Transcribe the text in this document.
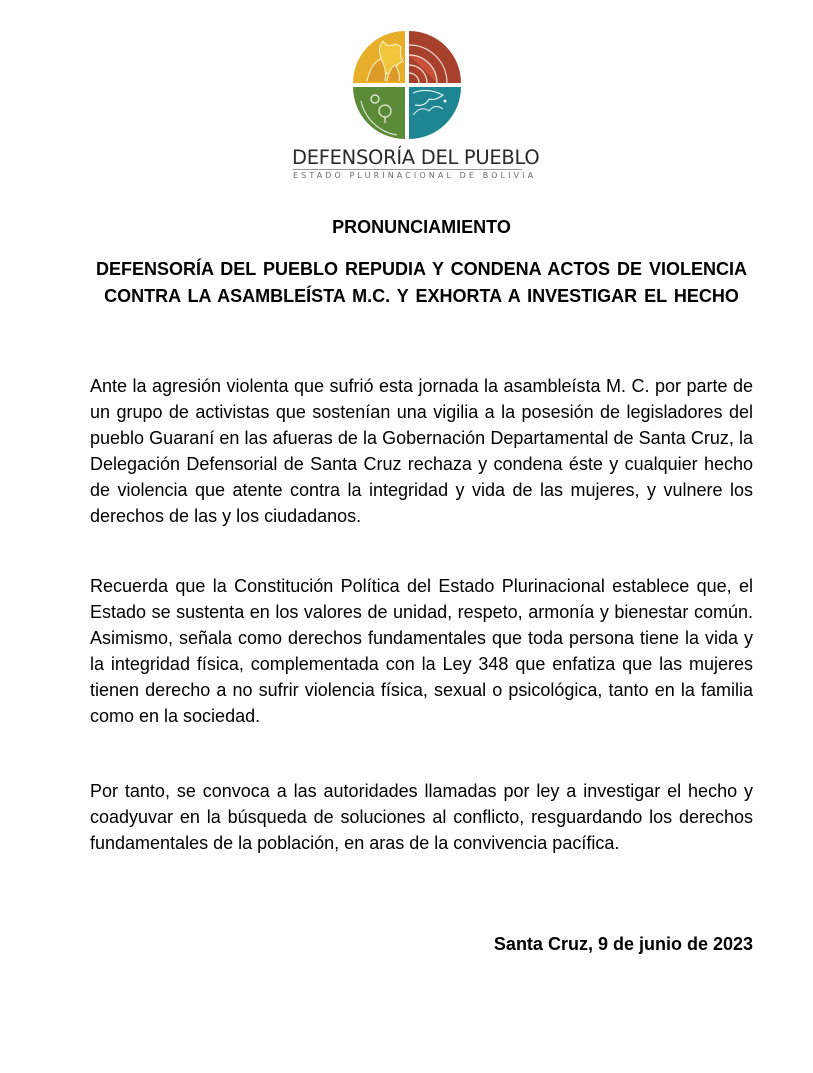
DEFENSORÍA DEL PUEBLO
ESTADO PLURINACIONAL DE BOLIVIA
PRONUNCIAMIENTO
DEFENSORÍA DEL PUEBLO REPUDIA Y CONDENA ACTOS DE VIOLENCIA CONTRA LA ASAMBLEÍSTA M.C. Y EXHORTA A INVESTIGAR EL HECHO

Ante la agresión violenta que sufrió esta jornada la asambleísta M. C. por parte de un grupo de activistas que sostenían una vigilia a la posesión de legisladores del pueblo Guaraní en las afueras de la Gobernación Departamental de Santa Cruz, la Delegación Defensorial de Santa Cruz rechaza y condena éste y cualquier hecho de violencia que atente contra la integridad y vida de las mujeres, y vulnere los derechos de las y los ciudadanos.

Recuerda que la Constitución Política del Estado Plurinacional establece que, el Estado se sustenta en los valores de unidad, respeto, armonía y bienestar común. Asimismo, señala como derechos fundamentales que toda persona tiene la vida y la integridad física, complementada con la Ley 348 que enfatiza que las mujeres tienen derecho a no sufrir violencia física, sexual o psicológica, tanto en la familia como en la sociedad.

Por tanto, se convoca a las autoridades llamadas por ley a investigar el hecho y coadyuvar en la búsqueda de soluciones al conflicto, resguardando los derechos fundamentales de la población, en aras de la convivencia pacífica.

Santa Cruz, 9 de junio de 2023
